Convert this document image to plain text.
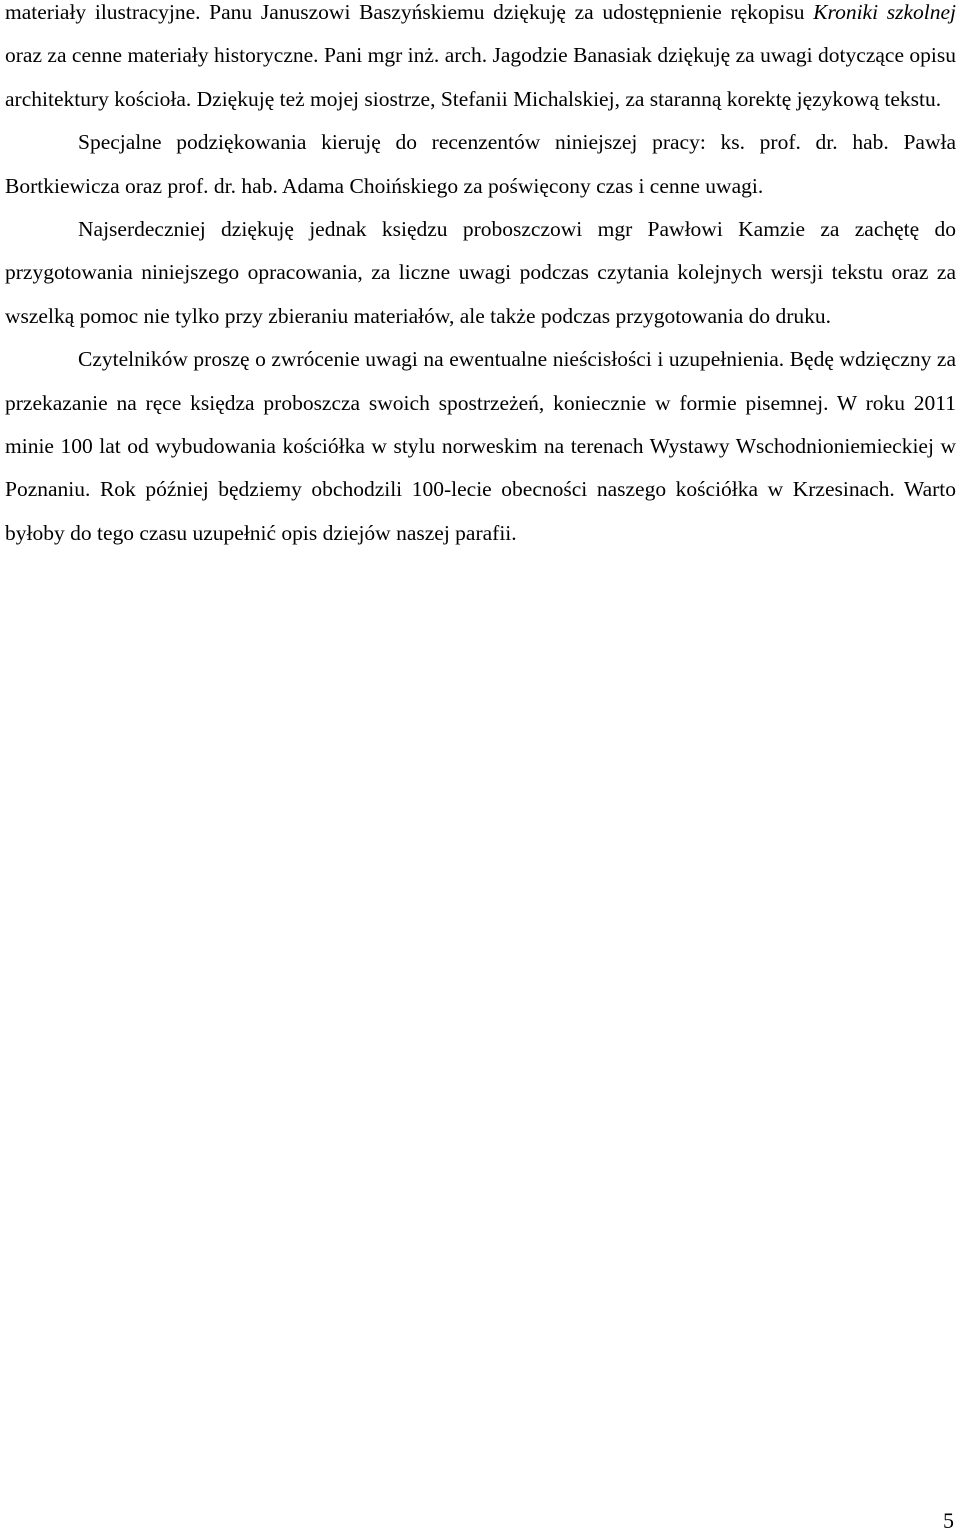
materiały ilustracyjne. Panu Januszowi Baszyńskiemu dziękuję za udostępnienie rękopisu Kroniki szkolnej oraz za cenne materiały historyczne. Pani mgr inż. arch. Jagodzie Banasiak dziękuję za uwagi dotyczące opisu architektury kościoła. Dziękuję też mojej siostrze, Stefanii Michalskiej, za staranną korektę językową tekstu.

Specjalne podziękowania kieruję do recenzentów niniejszej pracy: ks. prof. dr. hab. Pawła Bortkiewicza oraz prof. dr. hab. Adama Choińskiego za poświęcony czas i cenne uwagi.

Najserdeczniej dziękuję jednak księdzu proboszczowi mgr Pawłowi Kamzie za zachętę do przygotowania niniejszego opracowania, za liczne uwagi podczas czytania kolejnych wersji tekstu oraz za wszelką pomoc nie tylko przy zbieraniu materiałów, ale także podczas przygotowania do druku.

Czytelników proszę o zwrócenie uwagi na ewentualne nieścisłości i uzupełnienia. Będę wdzięczny za przekazanie na ręce księdza proboszcza swoich spostrzeżeń, koniecznie w formie pisemnej. W roku 2011 minie 100 lat od wybudowania kościółka w stylu norweskim na terenach Wystawy Wschodnioniemieckiej w Poznaniu. Rok później będziemy obchodzili 100-lecie obecności naszego kościółka w Krzesinach. Warto byłoby do tego czasu uzupełnić opis dziejów naszej parafii.

5
